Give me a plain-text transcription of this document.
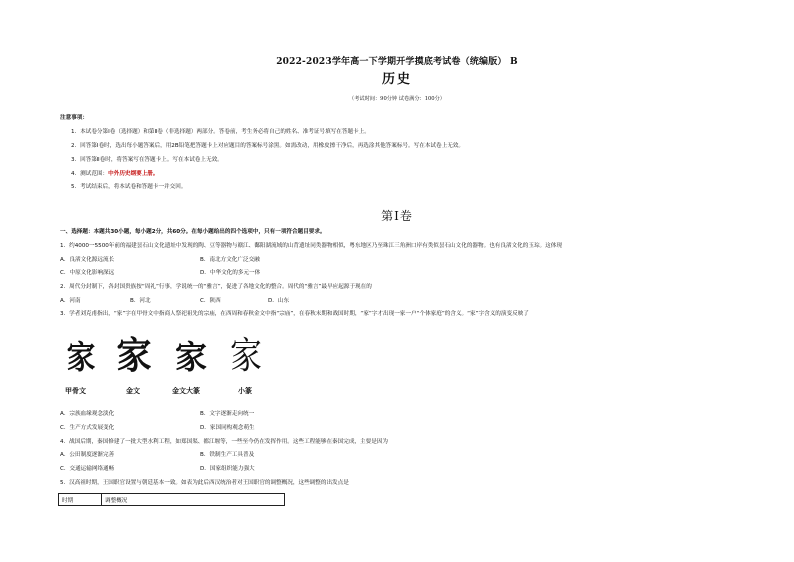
2022-2023学年高一下学期开学摸底考试卷（统编版） B
历史
（考试时间：90分钟 试卷满分：100分）
注意事项：
1．本试卷分第Ⅰ卷（选择题）和第Ⅱ卷（非选择题）两部分。答卷前，考生务必将自己的姓名、准考证号填写在答题卡上。
2．回答第Ⅰ卷时，选出每小题答案后，用2B铅笔把答题卡上对应题目的答案标号涂黑。如需改动，用橡皮擦干净后，再选涂其他答案标号。写在本试卷上无效。
3．回答第Ⅱ卷时，将答案写在答题卡上。写在本试卷上无效。
4．测试范围：中外历史纲要上册。
5．考试结束后，将本试卷和答题卡一并交回。
第Ⅰ卷
一、选择题：本题共30小题，每小题2分，共60分。在每小题给出的四个选项中，只有一项符合题目要求。
1．约4000一5500年前的福建昙石山文化遗址中发现的陶、豆等器物与赣江、鄱阳湖流域的山背遗址同类器物相似，粤东地区乃至珠江三角洲口岸有类似昙石山文化的器物。也有良渚文化的玉琮。这体现
A．良渚文化源远流长	B．南北方文化广泛交融
C．中原文化影响深远	D．中华文化的多元一体
2．周代分封制下，各封国贵族按“周礼”行事，学说统一的“雅言”，促进了各地文化的整合。周代的“雅言”最早应起源于现在的
A．河南	B．河北	C．陕西	D．山东
3．学者刘克甫指出，“家”字在甲骨文中指商人祭祀祖先的宗庙，在西周和春秋金文中指“宗庙”，在春秋末期和战国时期，“家”字才出现一家一户“个体家庭”的含义。“家”字含义的演变反映了
家 家 家 家
甲骨文	金文	金文大篆	小篆
A．宗族血缘观念淡化	B．文字逐渐走向统一
C．生产方式发展变化	D．家国同构观念萌生
4．战国后期，秦国修建了一批大型水利工程，如郑国渠、都江堰等，一些至今仍在发挥作用。这些工程能够在秦国完成，主要是因为
A．公田制度逐渐完善	B．铁制生产工具普及
C．交通运输网络通畅	D．国家组织能力强大
5．汉高祖时期，王国职官设置与朝廷基本一致。如表为此后西汉统治者对王国职官的调整概况，这些调整的出发点是
时期	调整概况
